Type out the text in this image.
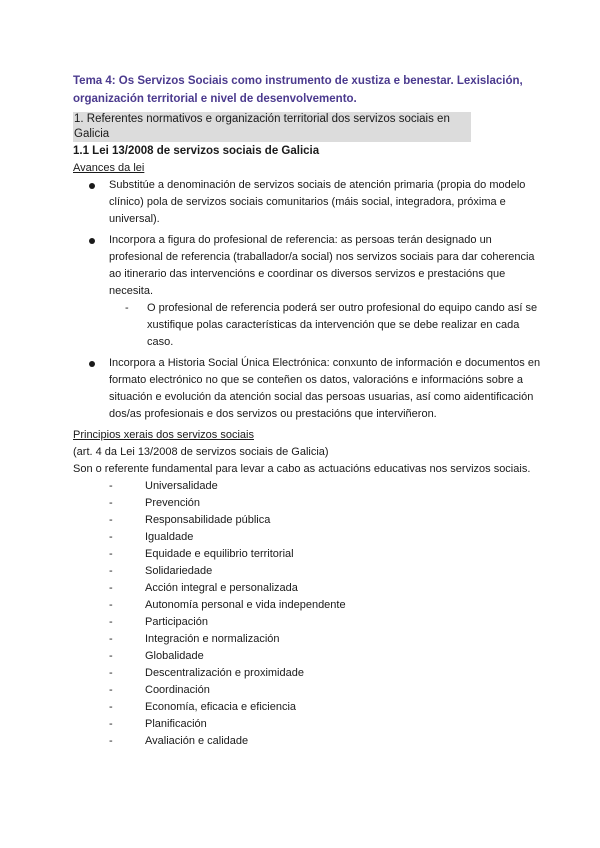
Tema 4: Os Servizos Sociais como instrumento de xustiza e benestar. Lexislación, organización territorial e nivel de desenvolvemento.

1. Referentes normativos e organización territorial dos servizos sociais en Galicia

1.1 Lei 13/2008 de servizos sociais de Galicia

Avances da lei

Substitúe a denominación de servizos sociais de atención primaria (propia do modelo clínico) pola de servizos sociais comunitarios (máis social, integradora, próxima e universal).
Incorpora a figura do profesional de referencia: as persoas terán designado un profesional de referencia (traballador/a social) nos servizos sociais para dar coherencia ao itinerario das intervencións e coordinar os diversos servizos e prestacións que necesita.
- O profesional de referencia poderá ser outro profesional do equipo cando así se xustifique polas características da intervención que se debe realizar en cada caso.
Incorpora a Historia Social Única Electrónica: conxunto de información e documentos en formato electrónico no que se conteñen os datos, valoracións e informacións sobre a situación e evolución da atención social das persoas usuarias, así como aidentificación dos/as profesionais e dos servizos ou prestacións que interviñeron.

Principios xerais dos servizos sociais

(art. 4 da Lei 13/2008 de servizos sociais de Galicia)

Son o referente fundamental para levar a cabo as actuacións educativas nos servizos sociais.

-	Universalidade
-	Prevención
-	Responsabilidade pública
-	Igualdade
-	Equidade e equilibrio territorial
-	Solidariedade
-	Acción integral e personalizada
-	Autonomía personal e vida independente
-	Participación
-	Integración e normalización
-	Globalidade
-	Descentralización e proximidade
-	Coordinación
-	Economía, eficacia e eficiencia
-	Planificación
-	Avaliación e calidade
